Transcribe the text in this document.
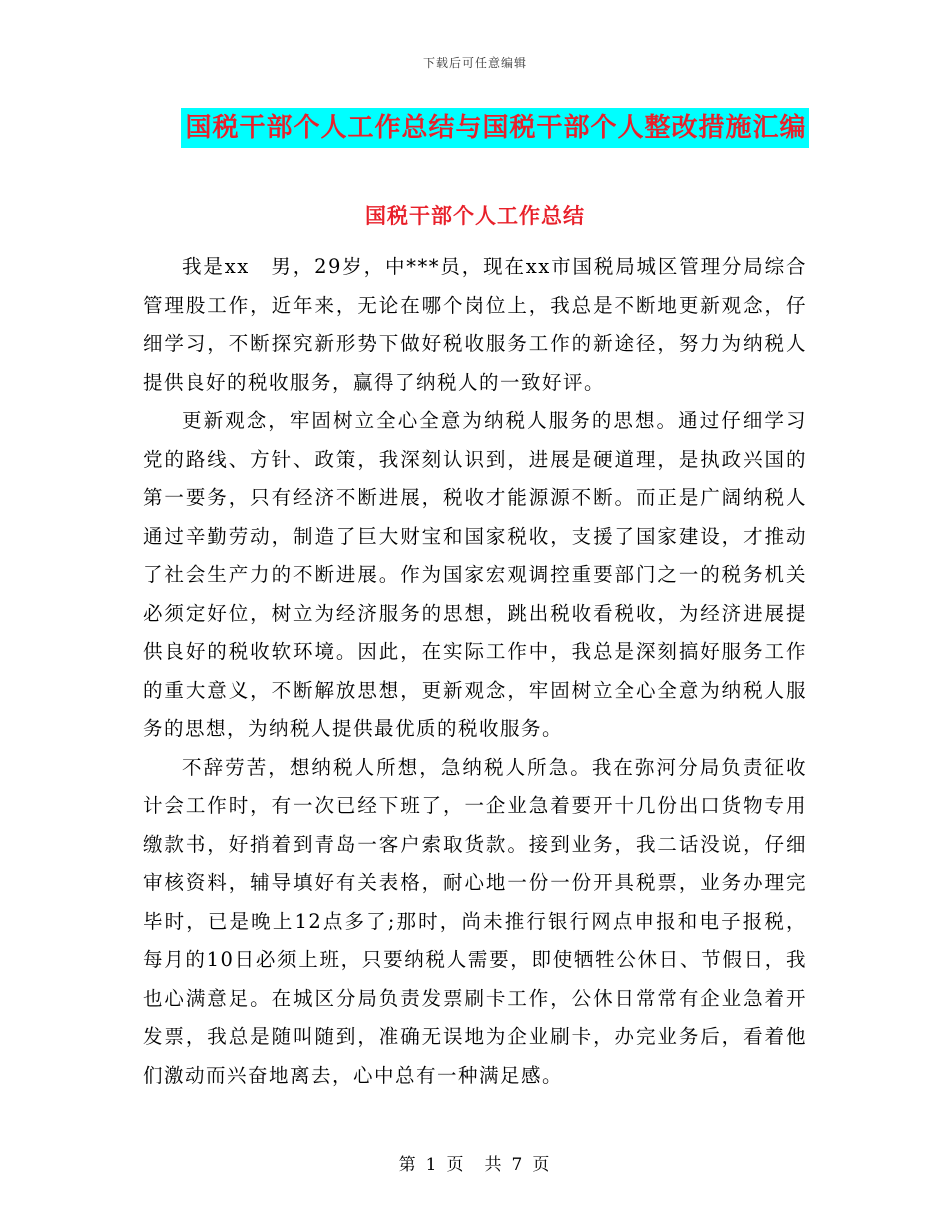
下载后可任意编辑
国税干部个人工作总结与国税干部个人整改措施汇编
国税干部个人工作总结

我是xx　男，29岁，中***员，现在xx市国税局城区管理分局综合管理股工作，近年来，无论在哪个岗位上，我总是不断地更新观念，仔细学习，不断探究新形势下做好税收服务工作的新途径，努力为纳税人提供良好的税收服务，赢得了纳税人的一致好评。

更新观念，牢固树立全心全意为纳税人服务的思想。通过仔细学习党的路线、方针、政策，我深刻认识到，进展是硬道理，是执政兴国的第一要务，只有经济不断进展，税收才能源源不断。而正是广阔纳税人通过辛勤劳动，制造了巨大财宝和国家税收，支援了国家建设，才推动了社会生产力的不断进展。作为国家宏观调控重要部门之一的税务机关必须定好位，树立为经济服务的思想，跳出税收看税收，为经济进展提供良好的税收软环境。因此，在实际工作中，我总是深刻搞好服务工作的重大意义，不断解放思想，更新观念，牢固树立全心全意为纳税人服务的思想，为纳税人提供最优质的税收服务。

不辞劳苦，想纳税人所想，急纳税人所急。我在弥河分局负责征收计会工作时，有一次已经下班了，一企业急着要开十几份出口货物专用缴款书，好捎着到青岛一客户索取货款。接到业务，我二话没说，仔细审核资料，辅导填好有关表格，耐心地一份一份开具税票，业务办理完毕时，已是晚上12点多了;那时，尚未推行银行网点申报和电子报税，每月的10日必须上班，只要纳税人需要，即使牺牲公休日、节假日，我也心满意足。在城区分局负责发票刷卡工作，公休日常常有企业急着开发票，我总是随叫随到，准确无误地为企业刷卡，办完业务后，看着他们激动而兴奋地离去，心中总有一种满足感。

第 1 页　共 7 页
